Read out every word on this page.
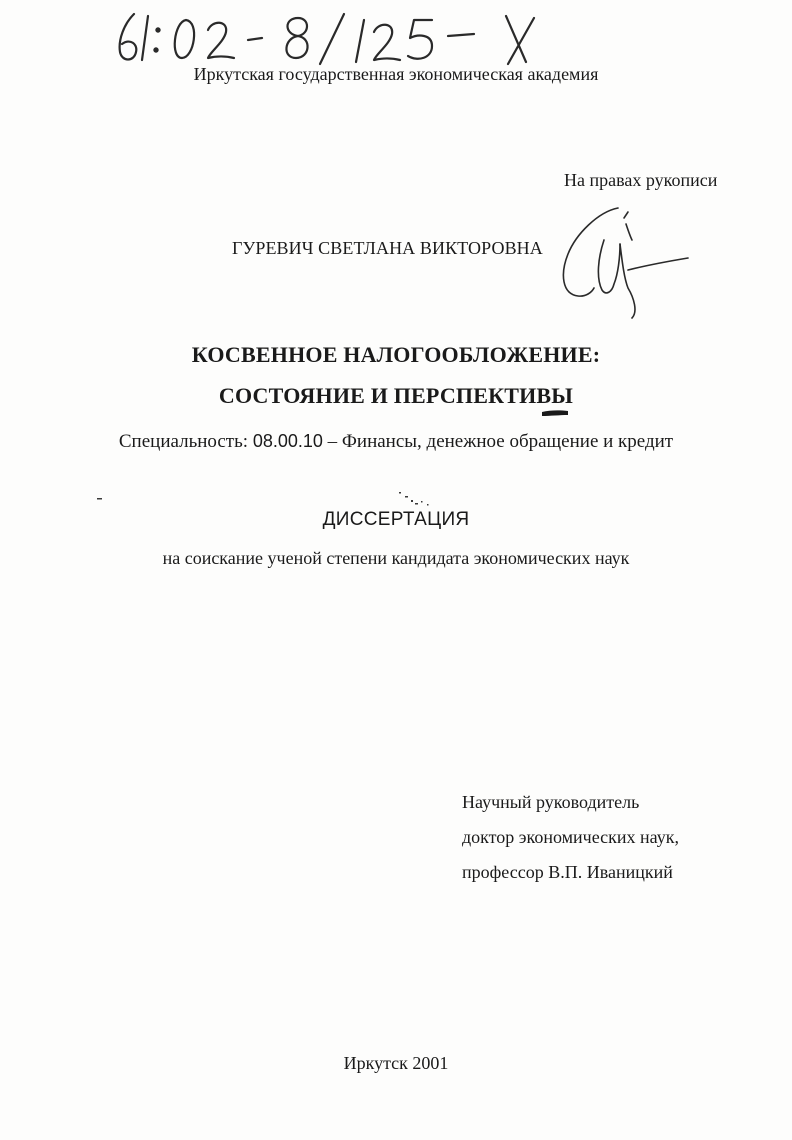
Иркутская государственная экономическая академия
На правах рукописи
ГУРЕВИЧ СВЕТЛАНА ВИКТОРОВНА
КОСВЕННОЕ НАЛОГООБЛОЖЕНИЕ:
СОСТОЯНИЕ И ПЕРСПЕКТИВЫ
Специальность: 08.00.10 – Финансы, денежное обращение и кредит
ДИССЕРТАЦИЯ
на соискание ученой степени кандидата экономических наук
Научный руководитель
доктор экономических наук,
профессор В.П. Иваницкий
Иркутск 2001
